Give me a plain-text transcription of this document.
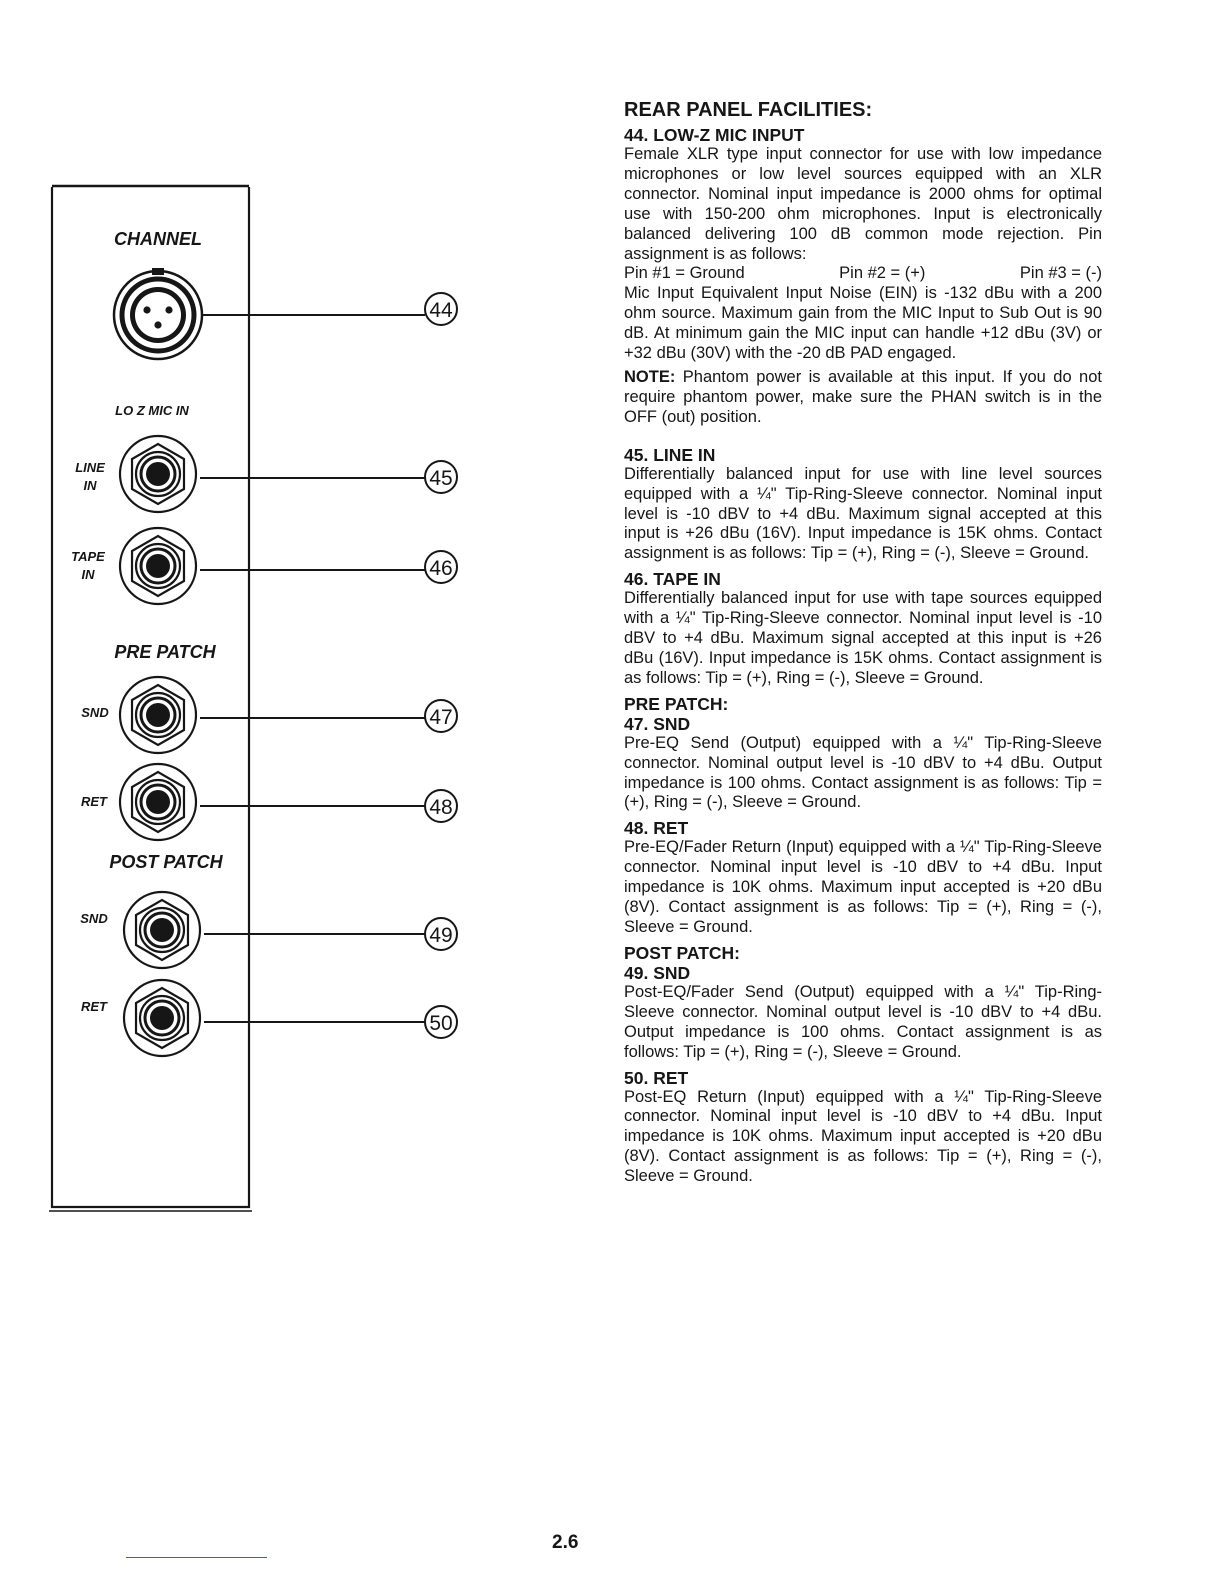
44
45
46
47
48
49
50
CHANNEL
LO Z MIC IN
LINE
IN
TAPE
IN
PRE PATCH
SND
RET
POST PATCH
SND
RET
REAR PANEL FACILITIES:
44. LOW-Z MIC INPUT

Female XLR type input connector for use with low impedance microphones or low level sources equipped with an XLR connector. Nominal input impedance is 2000 ohms for optimal use with 150-200 ohm microphones. Input is electronically balanced delivering 100 dB common mode rejection. Pin assignment is as follows:

Pin #1 = Ground	Pin #2 = (+)	Pin #3 = (-)

Mic Input Equivalent Input Noise (EIN) is -132 dBu with a 200 ohm source. Maximum gain from the MIC Input to Sub Out is 90 dB. At minimum gain the MIC input can handle +12 dBu (3V) or +32 dBu (30V) with the -20 dB PAD engaged.

NOTE: Phantom power is available at this input. If you do not require phantom power, make sure the PHAN switch is in the OFF (out) position.

45. LINE IN

Differentially balanced input for use with line level sources equipped with a ¼" Tip-Ring-Sleeve connector. Nominal input level is -10 dBV to +4 dBu. Maximum signal accepted at this input is +26 dBu (16V). Input impedance is 15K ohms. Contact assignment is as follows: Tip = (+), Ring = (-), Sleeve = Ground.

46. TAPE IN

Differentially balanced input for use with tape sources equipped with a ¼" Tip-Ring-Sleeve connector. Nominal input level is -10 dBV to +4 dBu. Maximum signal accepted at this input is +26 dBu (16V). Input impedance is 15K ohms. Contact assignment is as follows: Tip = (+), Ring = (-), Sleeve = Ground.

PRE PATCH:
47. SND

Pre-EQ Send (Output) equipped with a ¼" Tip-Ring-Sleeve connector. Nominal output level is -10 dBV to +4 dBu. Output impedance is 100 ohms. Contact assignment is as follows: Tip = (+), Ring = (-), Sleeve = Ground.

48. RET

Pre-EQ/Fader Return (Input) equipped with a ¼" Tip-Ring-Sleeve connector. Nominal input level is -10 dBV to +4 dBu. Input impedance is 10K ohms. Maximum input accepted is +20 dBu (8V). Contact assignment is as follows: Tip = (+), Ring = (-), Sleeve = Ground.

POST PATCH:
49. SND

Post-EQ/Fader Send (Output) equipped with a ¼" Tip-Ring-Sleeve connector. Nominal output level is -10 dBV to +4 dBu. Output impedance is 100 ohms. Contact assignment is as follows: Tip = (+), Ring = (-), Sleeve = Ground.

50. RET

Post-EQ Return (Input) equipped with a ¼" Tip-Ring-Sleeve connector. Nominal input level is -10 dBV to +4 dBu. Input impedance is 10K ohms. Maximum input accepted is +20 dBu (8V). Contact assignment is as follows: Tip = (+), Ring = (-), Sleeve = Ground.

2.6
